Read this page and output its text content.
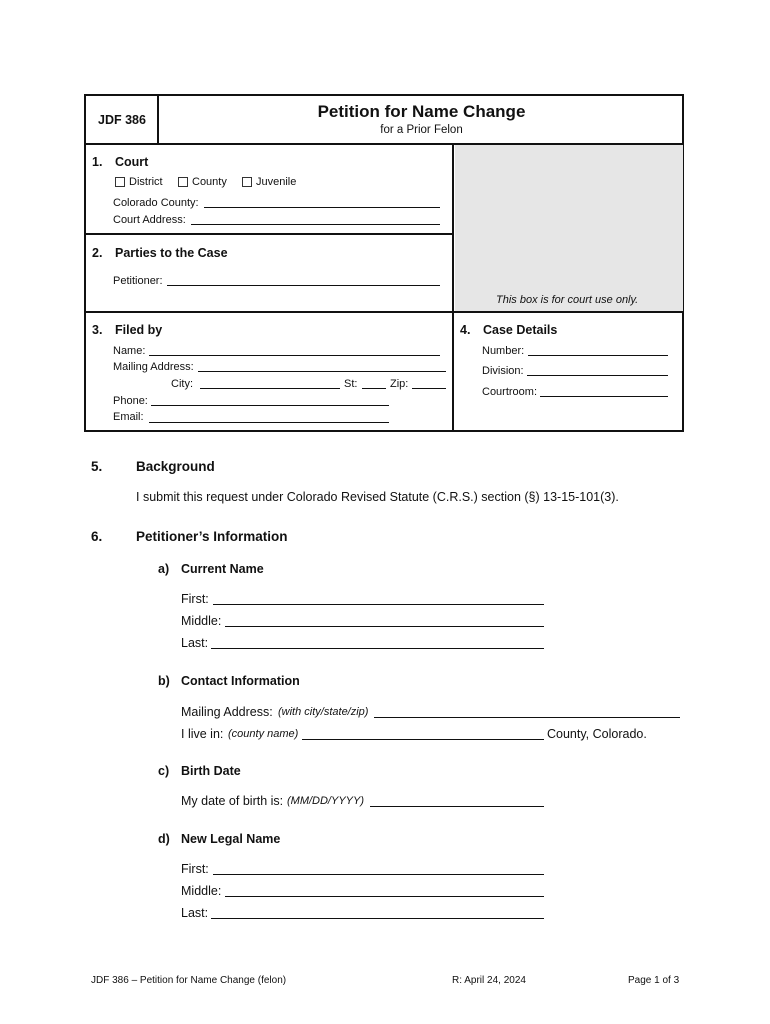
JDF 386	Petition for Name Change
for a Prior Felon
1. Court
District	County	Juvenile
Colorado County:
Court Address:
2. Parties to the Case
Petitioner:
This box is for court use only.
3. Filed by
Name:
Mailing Address:
City:	St:	Zip:
Phone:
Email:
4. Case Details
Number:
Division:
Courtroom:
5. Background
I submit this request under Colorado Revised Statute (C.R.S.) section (§) 13-15-101(3).
6. Petitioner’s Information
a) Current Name
First:
Middle:
Last:
b) Contact Information
Mailing Address: (with city/state/zip)
I live in: (county name)	County, Colorado.
c) Birth Date
My date of birth is: (MM/DD/YYYY)
d) New Legal Name
First:
Middle:
Last:
JDF 386 – Petition for Name Change (felon)	R: April 24, 2024	Page 1 of 3
